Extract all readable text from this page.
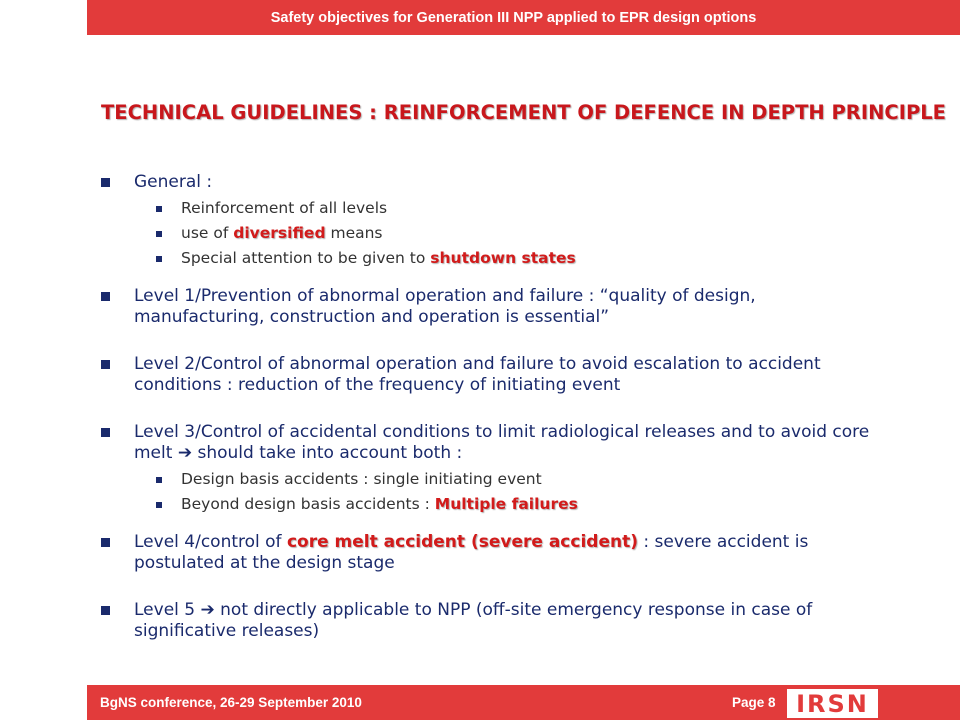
Safety objectives for Generation III NPP applied to EPR design options
TECHNICAL GUIDELINES : REINFORCEMENT OF DEFENCE IN DEPTH PRINCIPLE
General :
Reinforcement of all levels
use of diversified means
Special attention to be given to shutdown states
Level 1/Prevention of abnormal operation and failure : “quality of design, manufacturing, construction and operation is essential”
Level 2/Control of abnormal operation and failure to avoid escalation to accident conditions : reduction of the frequency of initiating event
Level 3/Control of accidental conditions to limit radiological releases and to avoid core melt ➔ should take into account both :
Design basis accidents : single initiating event
Beyond design basis accidents : Multiple failures
Level 4/control of core melt accident (severe accident) : severe accident is postulated at the design stage
Level 5 ➔ not directly applicable to NPP (off-site emergency response in case of significative releases)
BgNS conference, 26-29 September 2010	Page 8 IRSN
